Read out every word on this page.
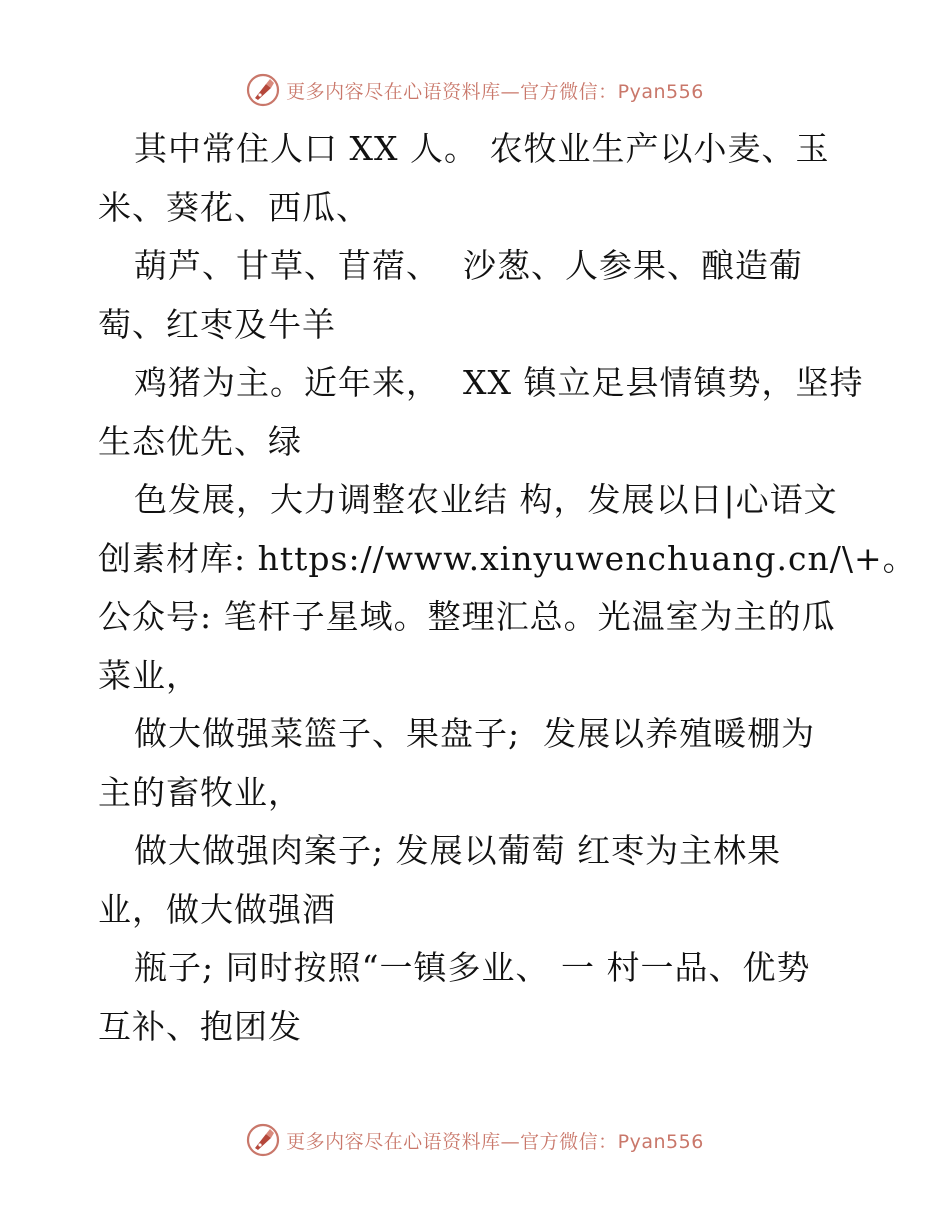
更多内容尽在心语资料库—官方微信：Pyan556
其中常住人口 XX 人。 农牧业生产以小麦、玉
米、葵花、西瓜、
葫芦、甘草、苜蓿、  沙葱、人参果、酿造葡
萄、红枣及牛羊
鸡猪为主。近年来，  XX 镇立足县情镇势，坚持
生态优先、绿
色发展，大力调整农业结 构，发展以日|心语文
创素材库: https://www.xinyuwenchuang.cn/\+。
公众号: 笔杆子星域。整理汇总。光温室为主的瓜
菜业，
做大做强菜篮子、果盘子;  发展以养殖暖棚为
主的畜牧业，
做大做强肉案子; 发展以葡萄 红枣为主林果
业，做大做强酒
瓶子; 同时按照“一镇多业、 一 村一品、优势
互补、抱团发
更多内容尽在心语资料库—官方微信：Pyan556
